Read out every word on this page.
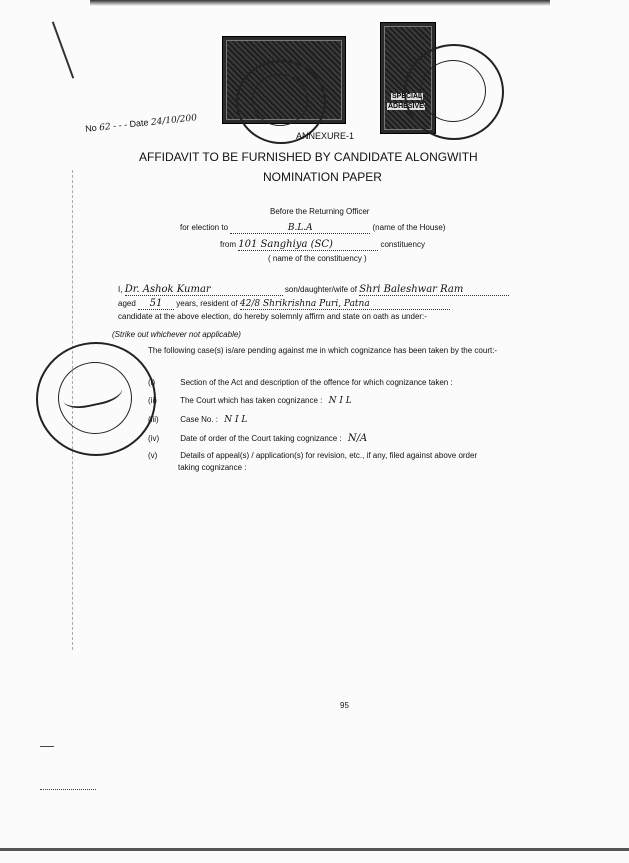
SPECIAL
ADHESIVE
No 62 - - - Date 24/10/200
ANNEXURE-1
AFFIDAVIT TO BE FURNISHED BY CANDIDATE ALONGWITH
NOMINATION PAPER
Before the Returning Officer
for election to	B.L.A	(name of the House)
from 101 Sanghiya (SC)	constituency
( name of the constituency )
I, Dr. Ashok Kumar	son/daughter/wife of Shri Baleshwar Ram
aged 51 years, resident of 42/8 Shrikrishna Puri, Patna
candidate at the above election, do hereby solemnly affirm and state on oath as under:-
(Strike out whichever not applicable)
The following case(s) is/are pending against me in which cognizance has been taken by the court:-
(i)	Section of the Act and description of the offence for which cognizance taken :
(ii)	The Court which has taken cognizance : N I L
(iii)	Case No. : N I L
(iv)	Date of order of the Court taking cognizance : N/A
(v)	Details of appeal(s) / application(s) for revision, etc., if any, filed against above order
taking cognizance :
95
